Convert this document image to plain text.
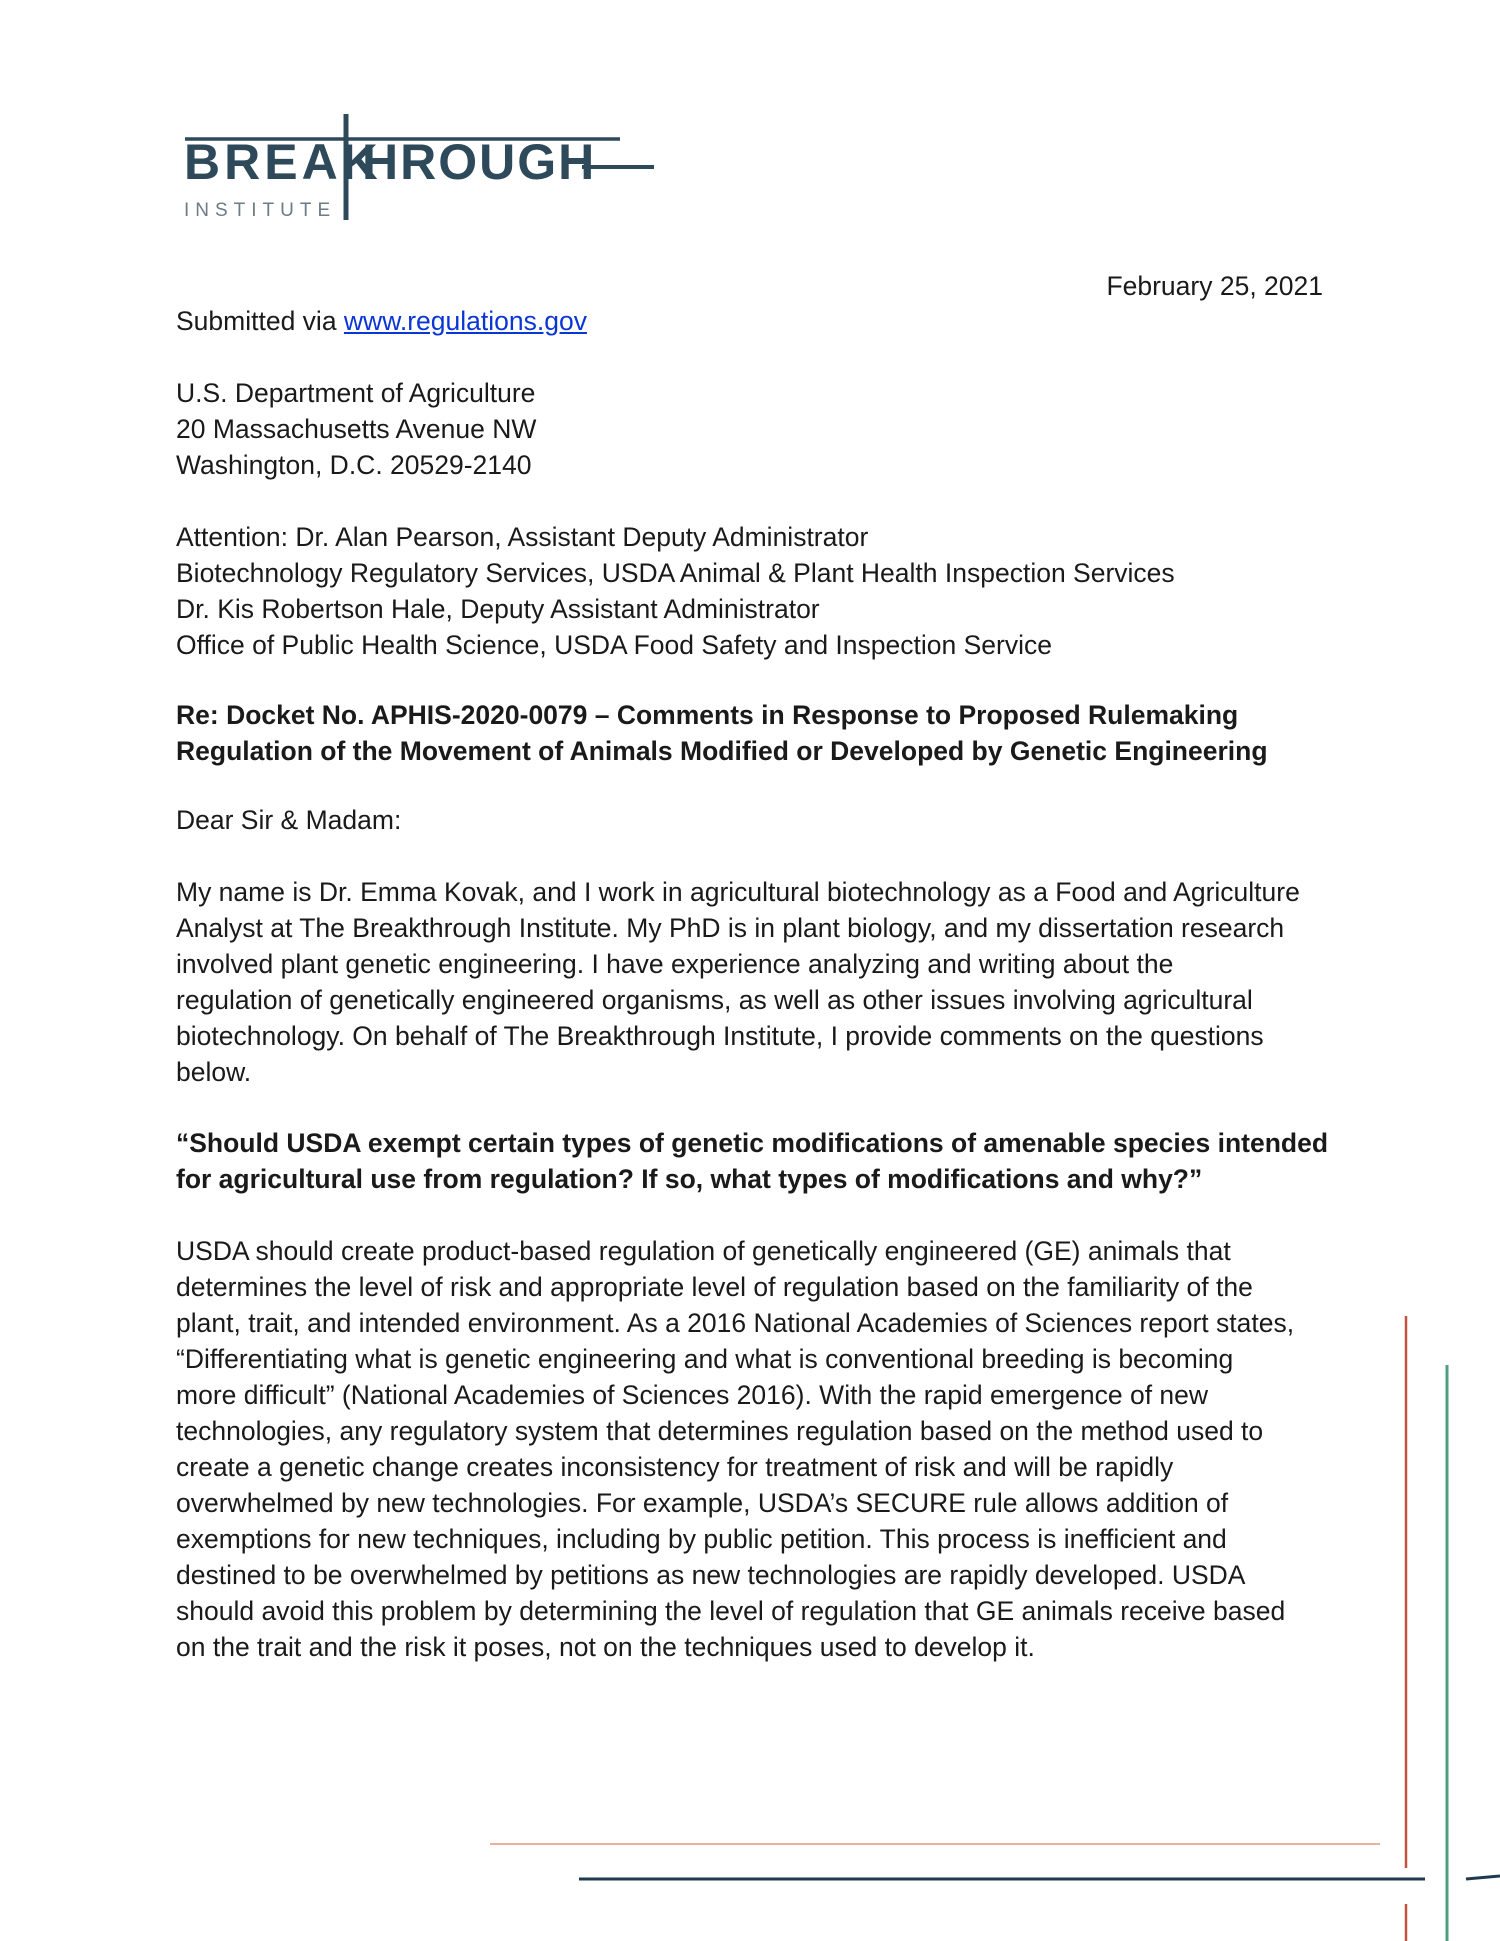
BREAK
HROUGH
INSTITUTE
February 25, 2021
Submitted via www.regulations.gov

U.S. Department of Agriculture

20 Massachusetts Avenue NW

Washington, D.C. 20529-2140

Attention: Dr. Alan Pearson, Assistant Deputy Administrator

Biotechnology Regulatory Services, USDA Animal & Plant Health Inspection Services

Dr. Kis Robertson Hale, Deputy Assistant Administrator

Office of Public Health Science, USDA Food Safety and Inspection Service

Re: Docket No. APHIS-2020-0079 – Comments in Response to Proposed Rulemaking

Regulation of the Movement of Animals Modified or Developed by Genetic Engineering

Dear Sir & Madam:

My name is Dr. Emma Kovak, and I work in agricultural biotechnology as a Food and Agriculture

Analyst at The Breakthrough Institute. My PhD is in plant biology, and my dissertation research

involved plant genetic engineering. I have experience analyzing and writing about the

regulation of genetically engineered organisms, as well as other issues involving agricultural

biotechnology. On behalf of The Breakthrough Institute, I provide comments on the questions

below.

“Should USDA exempt certain types of genetic modifications of amenable species intended

for agricultural use from regulation? If so, what types of modifications and why?”

USDA should create product-based regulation of genetically engineered (GE) animals that

determines the level of risk and appropriate level of regulation based on the familiarity of the

plant, trait, and intended environment. As a 2016 National Academies of Sciences report states,

“Differentiating what is genetic engineering and what is conventional breeding is becoming

more difficult” (National Academies of Sciences 2016). With the rapid emergence of new

technologies, any regulatory system that determines regulation based on the method used to

create a genetic change creates inconsistency for treatment of risk and will be rapidly

overwhelmed by new technologies. For example, USDA’s SECURE rule allows addition of

exemptions for new techniques, including by public petition. This process is inefficient and

destined to be overwhelmed by petitions as new technologies are rapidly developed. USDA

should avoid this problem by determining the level of regulation that GE animals receive based

on the trait and the risk it poses, not on the techniques used to develop it.
